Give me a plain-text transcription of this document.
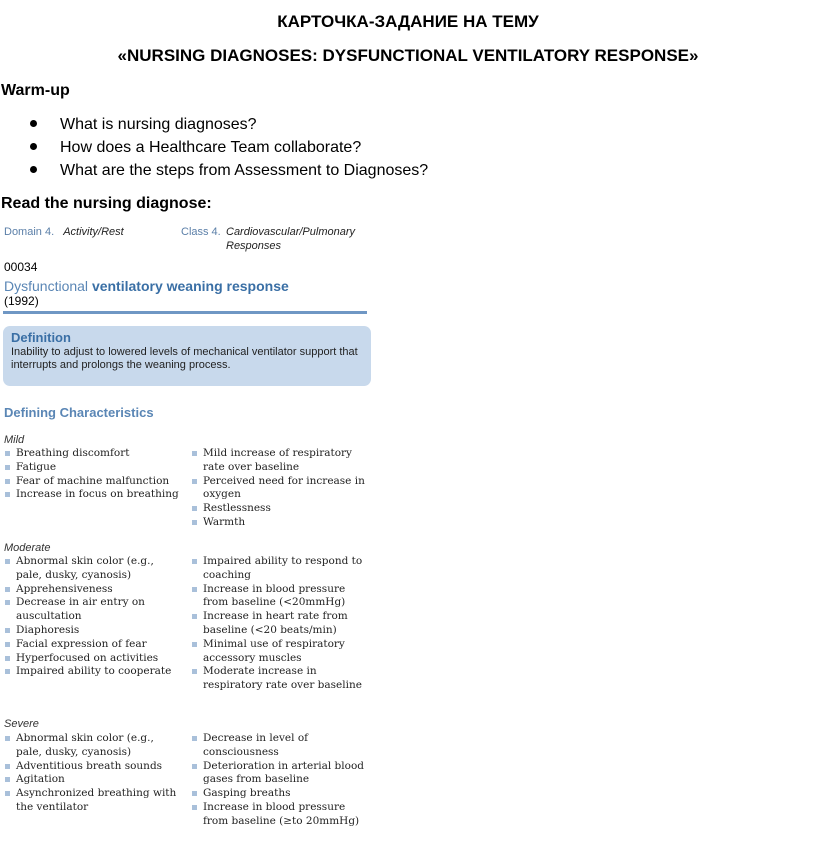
КАРТОЧКА-ЗАДАНИЕ НА ТЕМУ
«NURSING DIAGNOSES: DYSFUNCTIONAL VENTILATORY RESPONSE»
Warm-up
What is nursing diagnoses?
How does a Healthcare Team collaborate?
What are the steps from Assessment to Diagnoses?
Read the nursing diagnose:
Domain 4. Activity/Rest	Class 4. Cardiovascular/Pulmonary
Responses
00034
Dysfunctional ventilatory weaning response
(1992)
Definition
Inability to adjust to lowered levels of mechanical ventilator support that interrupts and prolongs the weaning process.
Defining Characteristics
Mild
Breathing discomfort
Fatigue
Fear of machine malfunction
Increase in focus on breathing
Mild increase of respiratory rate over baseline
Perceived need for increase in oxygen
Restlessness
Warmth
Moderate
Abnormal skin color (e.g., pale, dusky, cyanosis)
Apprehensiveness
Decrease in air entry on auscultation
Diaphoresis
Facial expression of fear
Hyperfocused on activities
Impaired ability to cooperate
Impaired ability to respond to coaching
Increase in blood pressure from baseline (<20mmHg)
Increase in heart rate from baseline (<20 beats/min)
Minimal use of respiratory accessory muscles
Moderate increase in respiratory rate over baseline
Severe
Abnormal skin color (e.g., pale, dusky, cyanosis)
Adventitious breath sounds
Agitation
Asynchronized breathing with the ventilator
Decrease in level of consciousness
Deterioration in arterial blood gases from baseline
Gasping breaths
Increase in blood pressure from baseline (≥to 20mmHg)
